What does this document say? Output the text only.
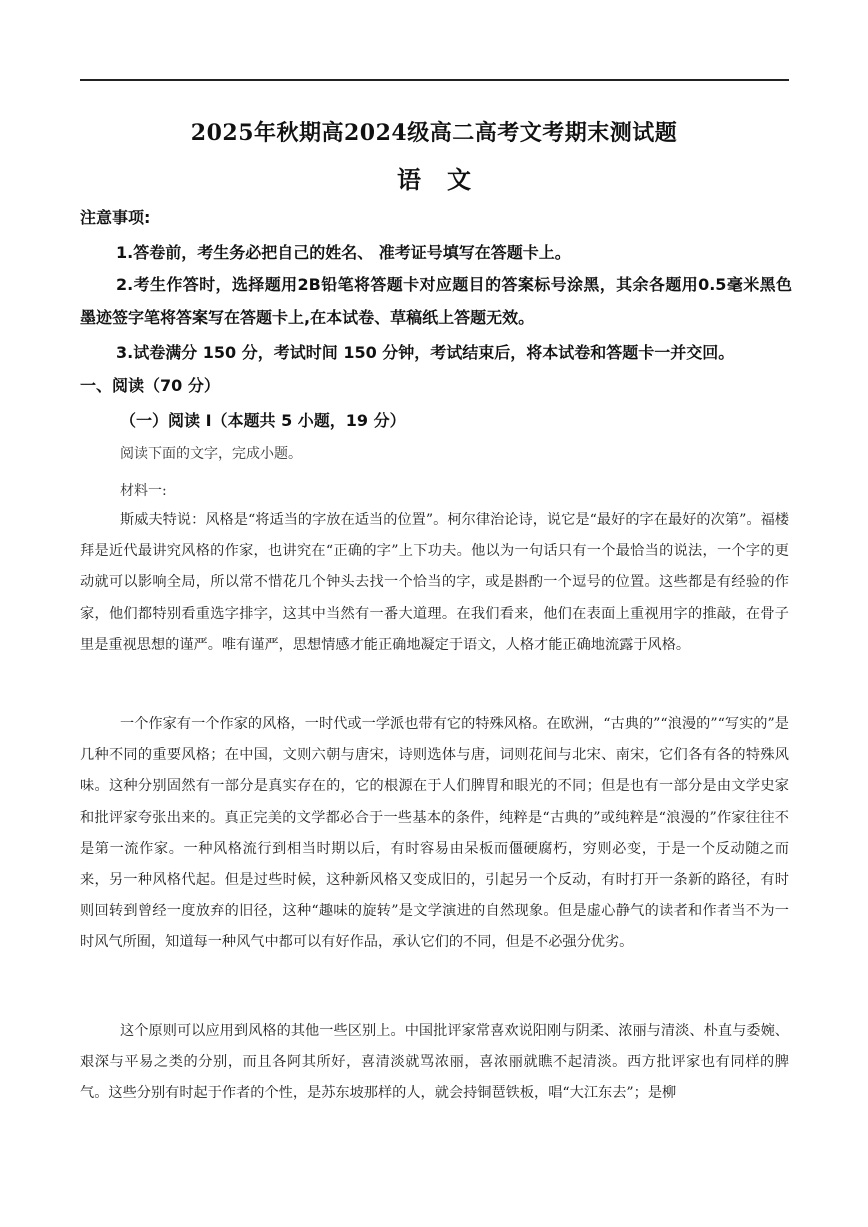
2025年秋期高2024级高二高考文考期末测试题
语文
注意事项:
1.答卷前，考生务必把自己的姓名、 准考证号填写在答题卡上。
2.考生作答时，选择题用2B铅笔将答题卡对应题目的答案标号涂黑，其余各题用0.5毫米黑色墨迹签字笔将答案写在答题卡上,在本试卷、草稿纸上答题无效。
3.试卷满分 150 分，考试时间 150 分钟，考试结束后，将本试卷和答题卡一并交回。
一、阅读（70 分）
（一）阅读 I（本题共 5 小题，19 分）
阅读下面的文字，完成小题。
材料一:
斯威夫特说：风格是“将适当的字放在适当的位置”。柯尔律治论诗，说它是“最好的字在最好的次第”。福楼拜是近代最讲究风格的作家，也讲究在“正确的字”上下功夫。他以为一句话只有一个最恰当的说法，一个字的更动就可以影响全局，所以常不惜花几个钟头去找一个恰当的字，或是斟酌一个逗号的位置。这些都是有经验的作家，他们都特别看重选字排字，这其中当然有一番大道理。在我们看来，他们在表面上重视用字的推敲，在骨子里是重视思想的谨严。唯有谨严，思想情感才能正确地凝定于语文，人格才能正确地流露于风格。
一个作家有一个作家的风格，一时代或一学派也带有它的特殊风格。在欧洲，“古典的”“浪漫的”“写实的”是几种不同的重要风格；在中国，文则六朝与唐宋，诗则选体与唐，词则花间与北宋、南宋，它们各有各的特殊风味。这种分别固然有一部分是真实存在的，它的根源在于人们脾胃和眼光的不同；但是也有一部分是由文学史家和批评家夸张出来的。真正完美的文学都必合于一些基本的条件，纯粹是“古典的”或纯粹是“浪漫的”作家往往不是第一流作家。一种风格流行到相当时期以后，有时容易由呆板而僵硬腐朽，穷则必变，于是一个反动随之而来，另一种风格代起。但是过些时候，这种新风格又变成旧的，引起另一个反动，有时打开一条新的路径，有时则回转到曾经一度放弃的旧径，这种“趣味的旋转”是文学演进的自然现象。但是虚心静气的读者和作者当不为一时风气所囿，知道每一种风气中都可以有好作品，承认它们的不同，但是不必强分优劣。
这个原则可以应用到风格的其他一些区别上。中国批评家常喜欢说阳刚与阴柔、浓丽与清淡、朴直与委婉、艰深与平易之类的分别，而且各阿其所好，喜清淡就骂浓丽，喜浓丽就瞧不起清淡。西方批评家也有同样的脾气。这些分别有时起于作者的个性，是苏东坡那样的人，就会持铜琶铁板，唱“大江东去”；是柳
